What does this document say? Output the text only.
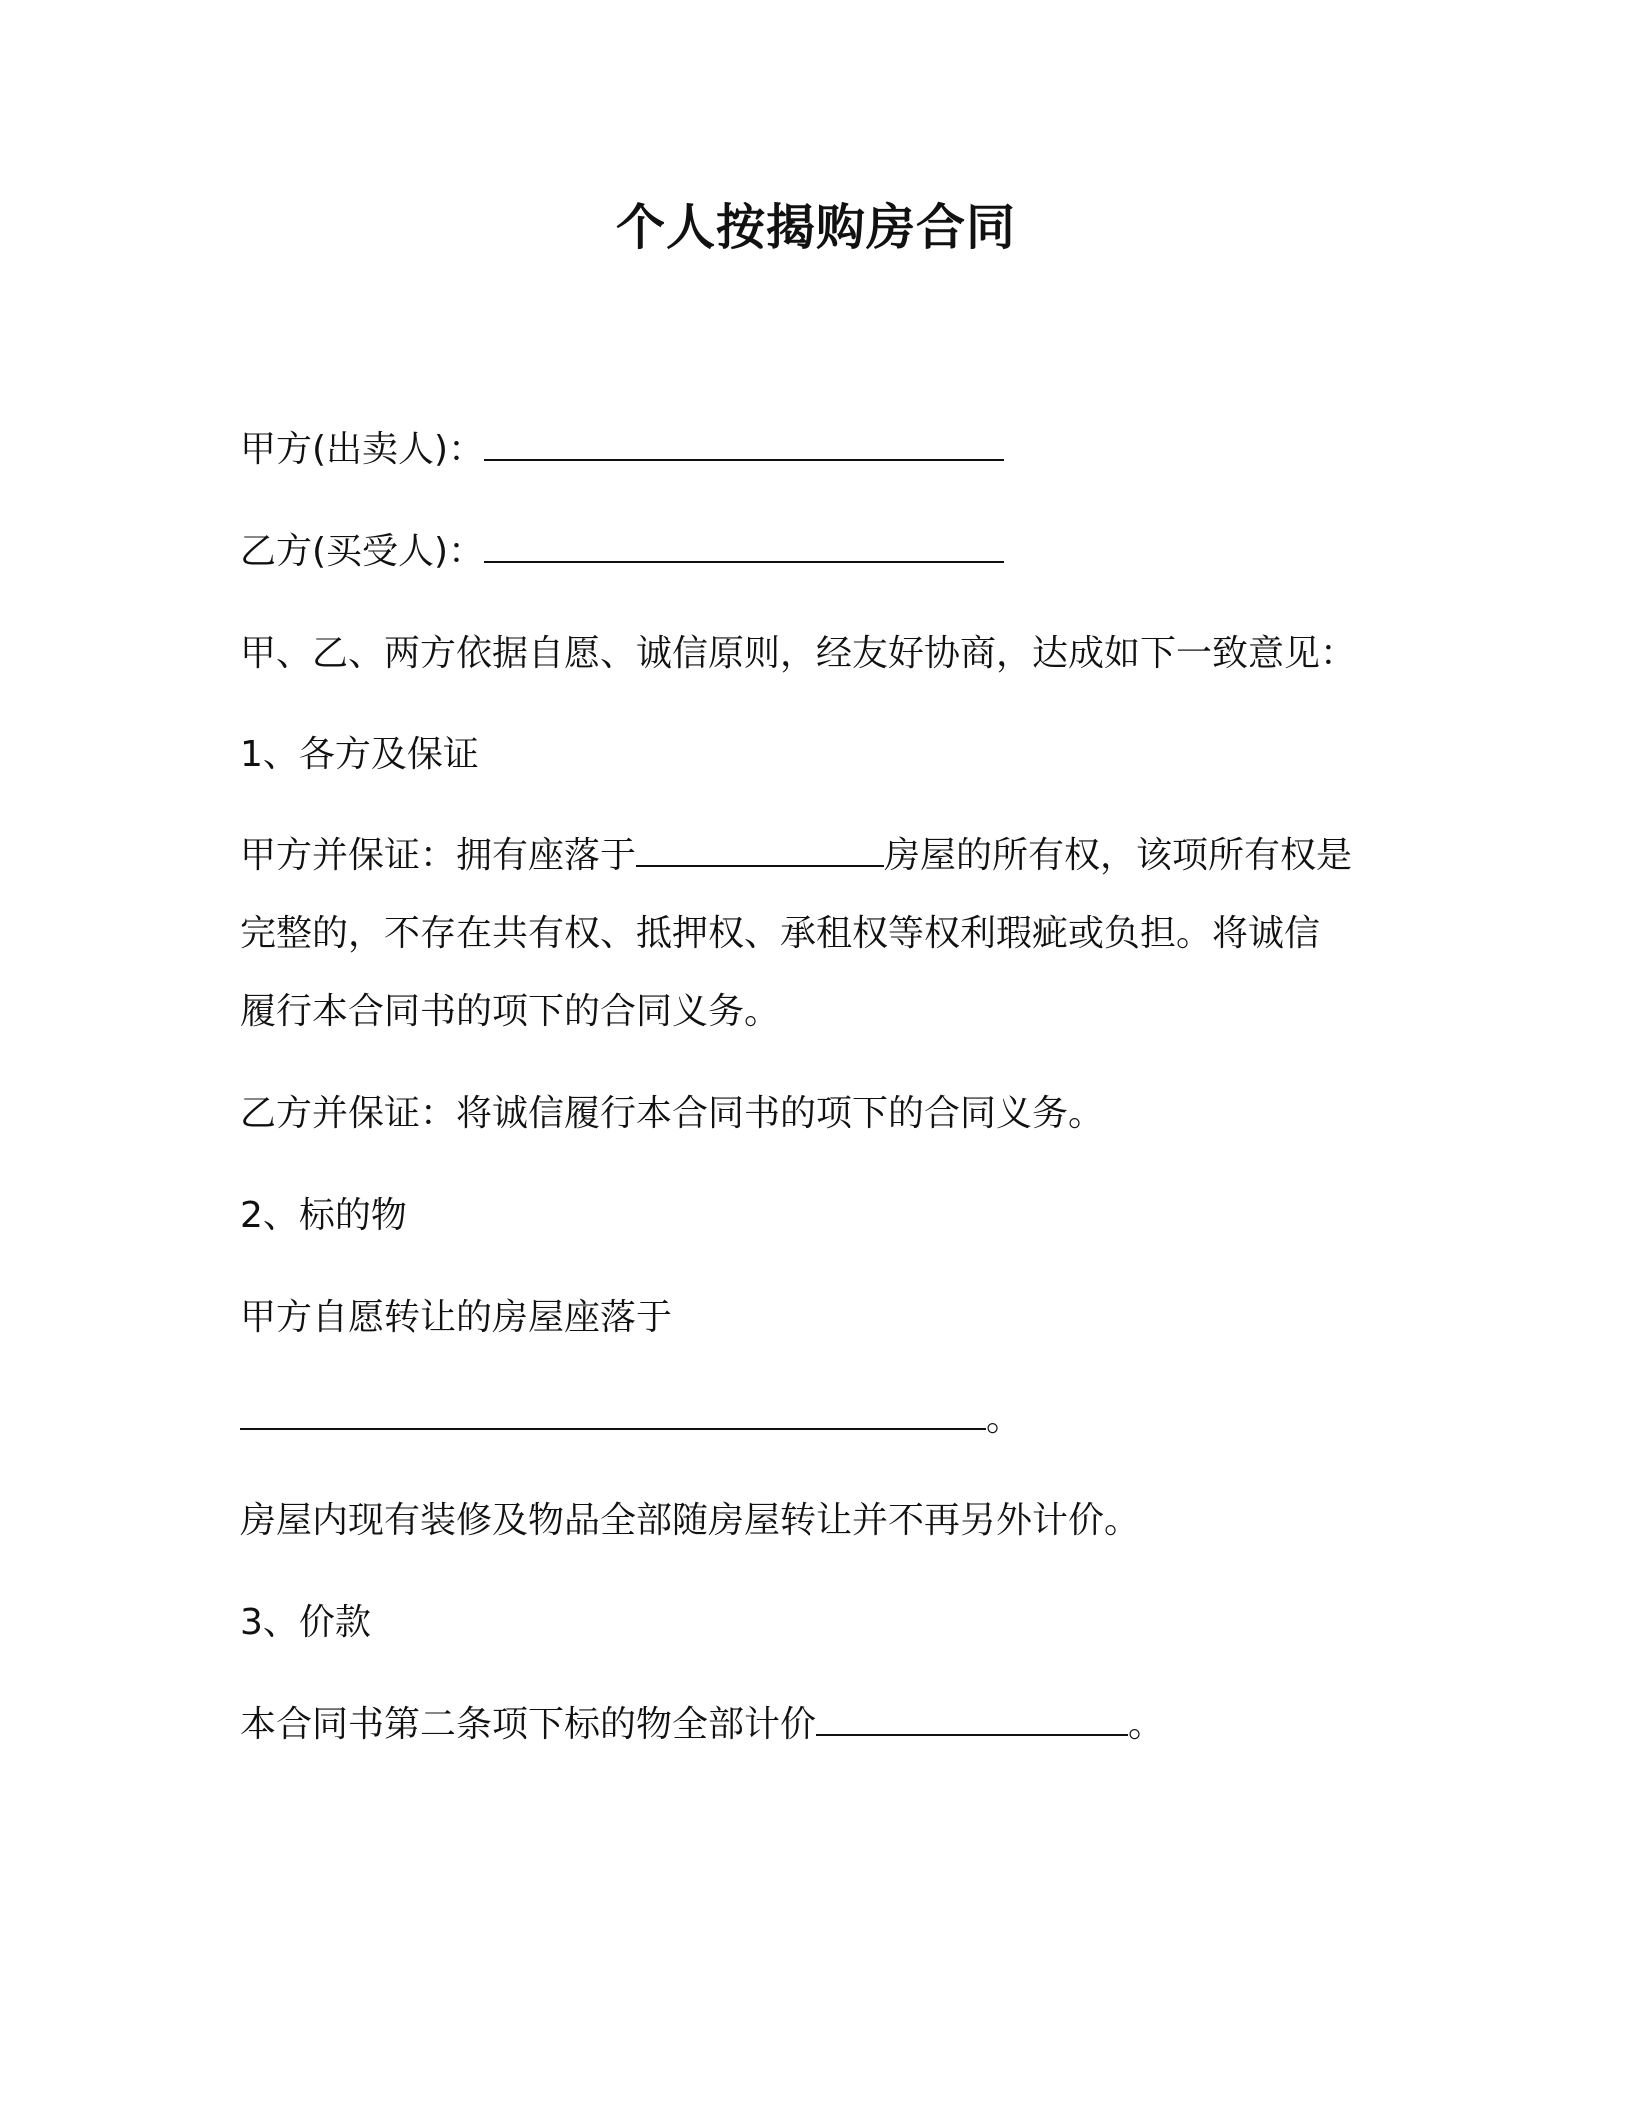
个人按揭购房合同
甲方(出卖人)：
乙方(买受人)：
甲、乙、两方依据自愿、诚信原则，经友好协商，达成如下一致意见：
1、各方及保证
甲方并保证：拥有座落于	房屋的所有权，该项所有权是
完整的，不存在共有权、抵押权、承租权等权利瑕疵或负担。将诚信
履行本合同书的项下的合同义务。
乙方并保证：将诚信履行本合同书的项下的合同义务。
2、标的物
甲方自愿转让的房屋座落于
。
房屋内现有装修及物品全部随房屋转让并不再另外计价。
3、价款
本合同书第二条项下标的物全部计价	。
